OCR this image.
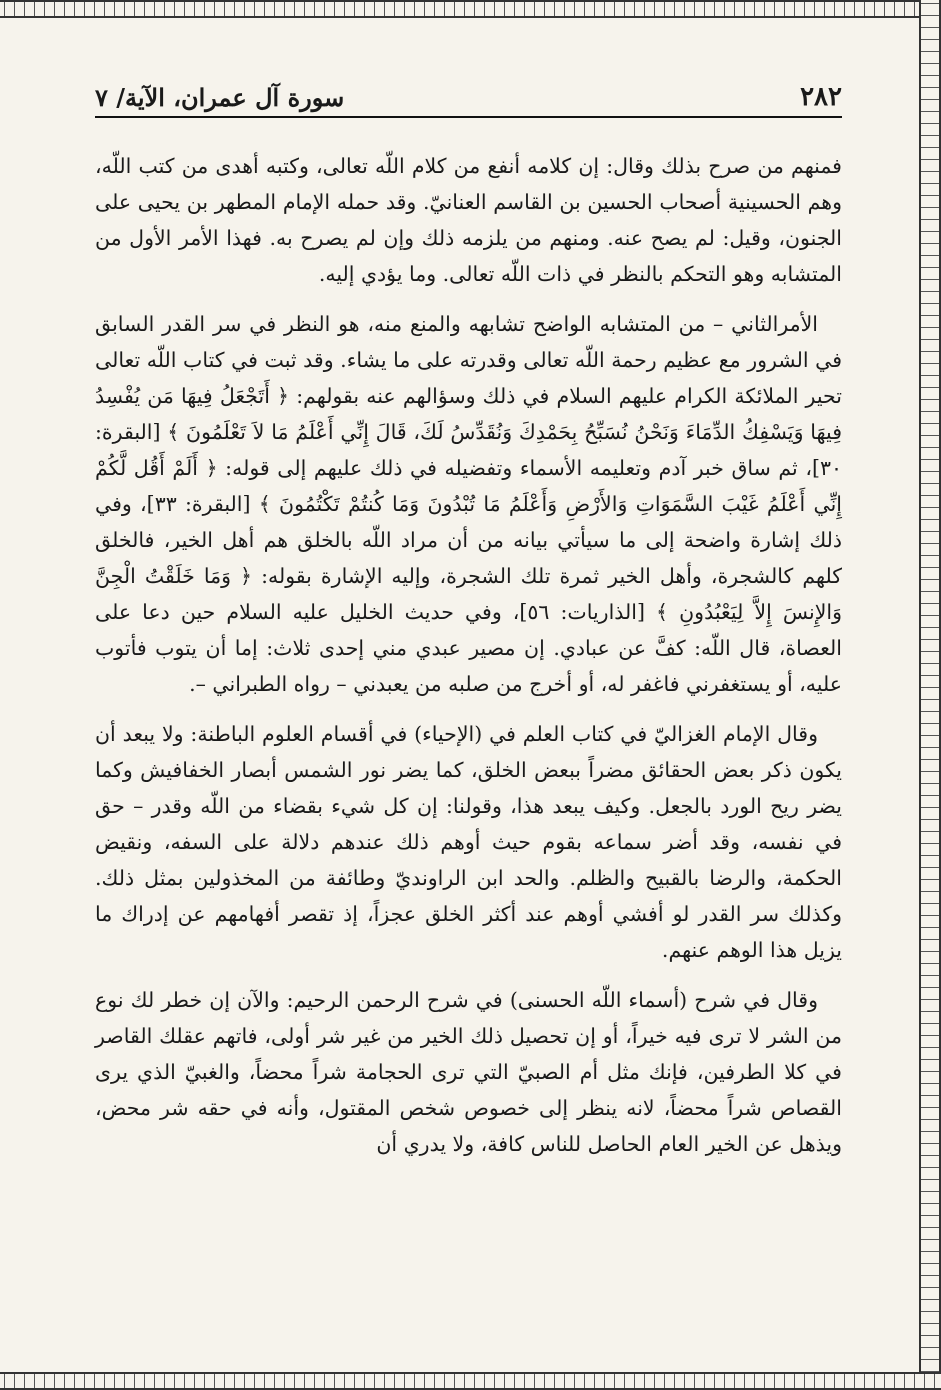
٢٨٢
سورة آل عمران، الآية/ ٧

فمنهم من صرح بذلك وقال: إن كلامه أنفع من كلام اللّه تعالى، وكتبه أهدى من كتب اللّه، وهم الحسينية أصحاب الحسين بن القاسم العنانيّ. وقد حمله الإمام المطهر بن يحيى على الجنون، وقيل: لم يصح عنه. ومنهم من يلزمه ذلك وإن لم يصرح به. فهذا الأمر الأول من المتشابه وهو التحكم بالنظر في ذات اللّه تعالى. وما يؤدي إليه.

الأمرالثاني – من المتشابه الواضح تشابهه والمنع منه، هو النظر في سر القدر السابق في الشرور مع عظيم رحمة اللّه تعالى وقدرته على ما يشاء. وقد ثبت في كتاب اللّه تعالى تحير الملائكة الكرام عليهم السلام في ذلك وسؤالهم عنه بقولهم: ﴿ أَتَجْعَلُ فِيهَا مَن يُفْسِدُ فِيهَا وَيَسْفِكُ الدِّمَاءَ وَنَحْنُ نُسَبِّحُ بِحَمْدِكَ وَنُقَدِّسُ لَكَ، قَالَ إِنِّي أَعْلَمُ مَا لاَ تَعْلَمُونَ ﴾ [البقرة: ٣٠]، ثم ساق خبر آدم وتعليمه الأسماء وتفضيله في ذلك عليهم إلى قوله: ﴿ أَلَمْ أَقُل لَّكُمْ إِنِّي أَعْلَمُ غَيْبَ السَّمَوَاتِ وَالأَرْضِ وَأَعْلَمُ مَا تُبْدُونَ وَمَا كُنتُمْ تَكْتُمُونَ ﴾ [البقرة: ٣٣]، وفي ذلك إشارة واضحة إلى ما سيأتي بيانه من أن مراد اللّه بالخلق هم أهل الخير، فالخلق كلهم كالشجرة، وأهل الخير ثمرة تلك الشجرة، وإليه الإشارة بقوله: ﴿ وَمَا خَلَقْتُ الْجِنَّ وَالإِنسَ إِلاَّ لِيَعْبُدُونِ ﴾ [الذاريات: ٥٦]، وفي حديث الخليل عليه السلام حين دعا على العصاة، قال اللّه: كفَّ عن عبادي. إن مصير عبدي مني إحدى ثلاث: إما أن يتوب فأتوب عليه، أو يستغفرني فاغفر له، أو أخرج من صلبه من يعبدني – رواه الطبراني –.

وقال الإمام الغزاليّ في كتاب العلم في (الإحياء) في أقسام العلوم الباطنة: ولا يبعد أن يكون ذكر بعض الحقائق مضراً ببعض الخلق، كما يضر نور الشمس أبصار الخفافيش وكما يضر ريح الورد بالجعل. وكيف يبعد هذا، وقولنا: إن كل شيء بقضاء من اللّه وقدر – حق في نفسه، وقد أضر سماعه بقوم حيث أوهم ذلك عندهم دلالة على السفه، ونقيض الحكمة، والرضا بالقبيح والظلم. والحد ابن الراونديّ وطائفة من المخذولين بمثل ذلك. وكذلك سر القدر لو أفشي أوهم عند أكثر الخلق عجزاً، إذ تقصر أفهامهم عن إدراك ما يزيل هذا الوهم عنهم.

وقال في شرح (أسماء اللّه الحسنى) في شرح الرحمن الرحيم: والآن إن خطر لك نوع من الشر لا ترى فيه خيراً، أو إن تحصيل ذلك الخير من غير شر أولى، فاتهم عقلك القاصر في كلا الطرفين، فإنك مثل أم الصبيّ التي ترى الحجامة شراً محضاً، والغبيّ الذي يرى القصاص شراً محضاً، لانه ينظر إلى خصوص شخص المقتول، وأنه في حقه شر محض، ويذهل عن الخير العام الحاصل للناس كافة، ولا يدري أن
